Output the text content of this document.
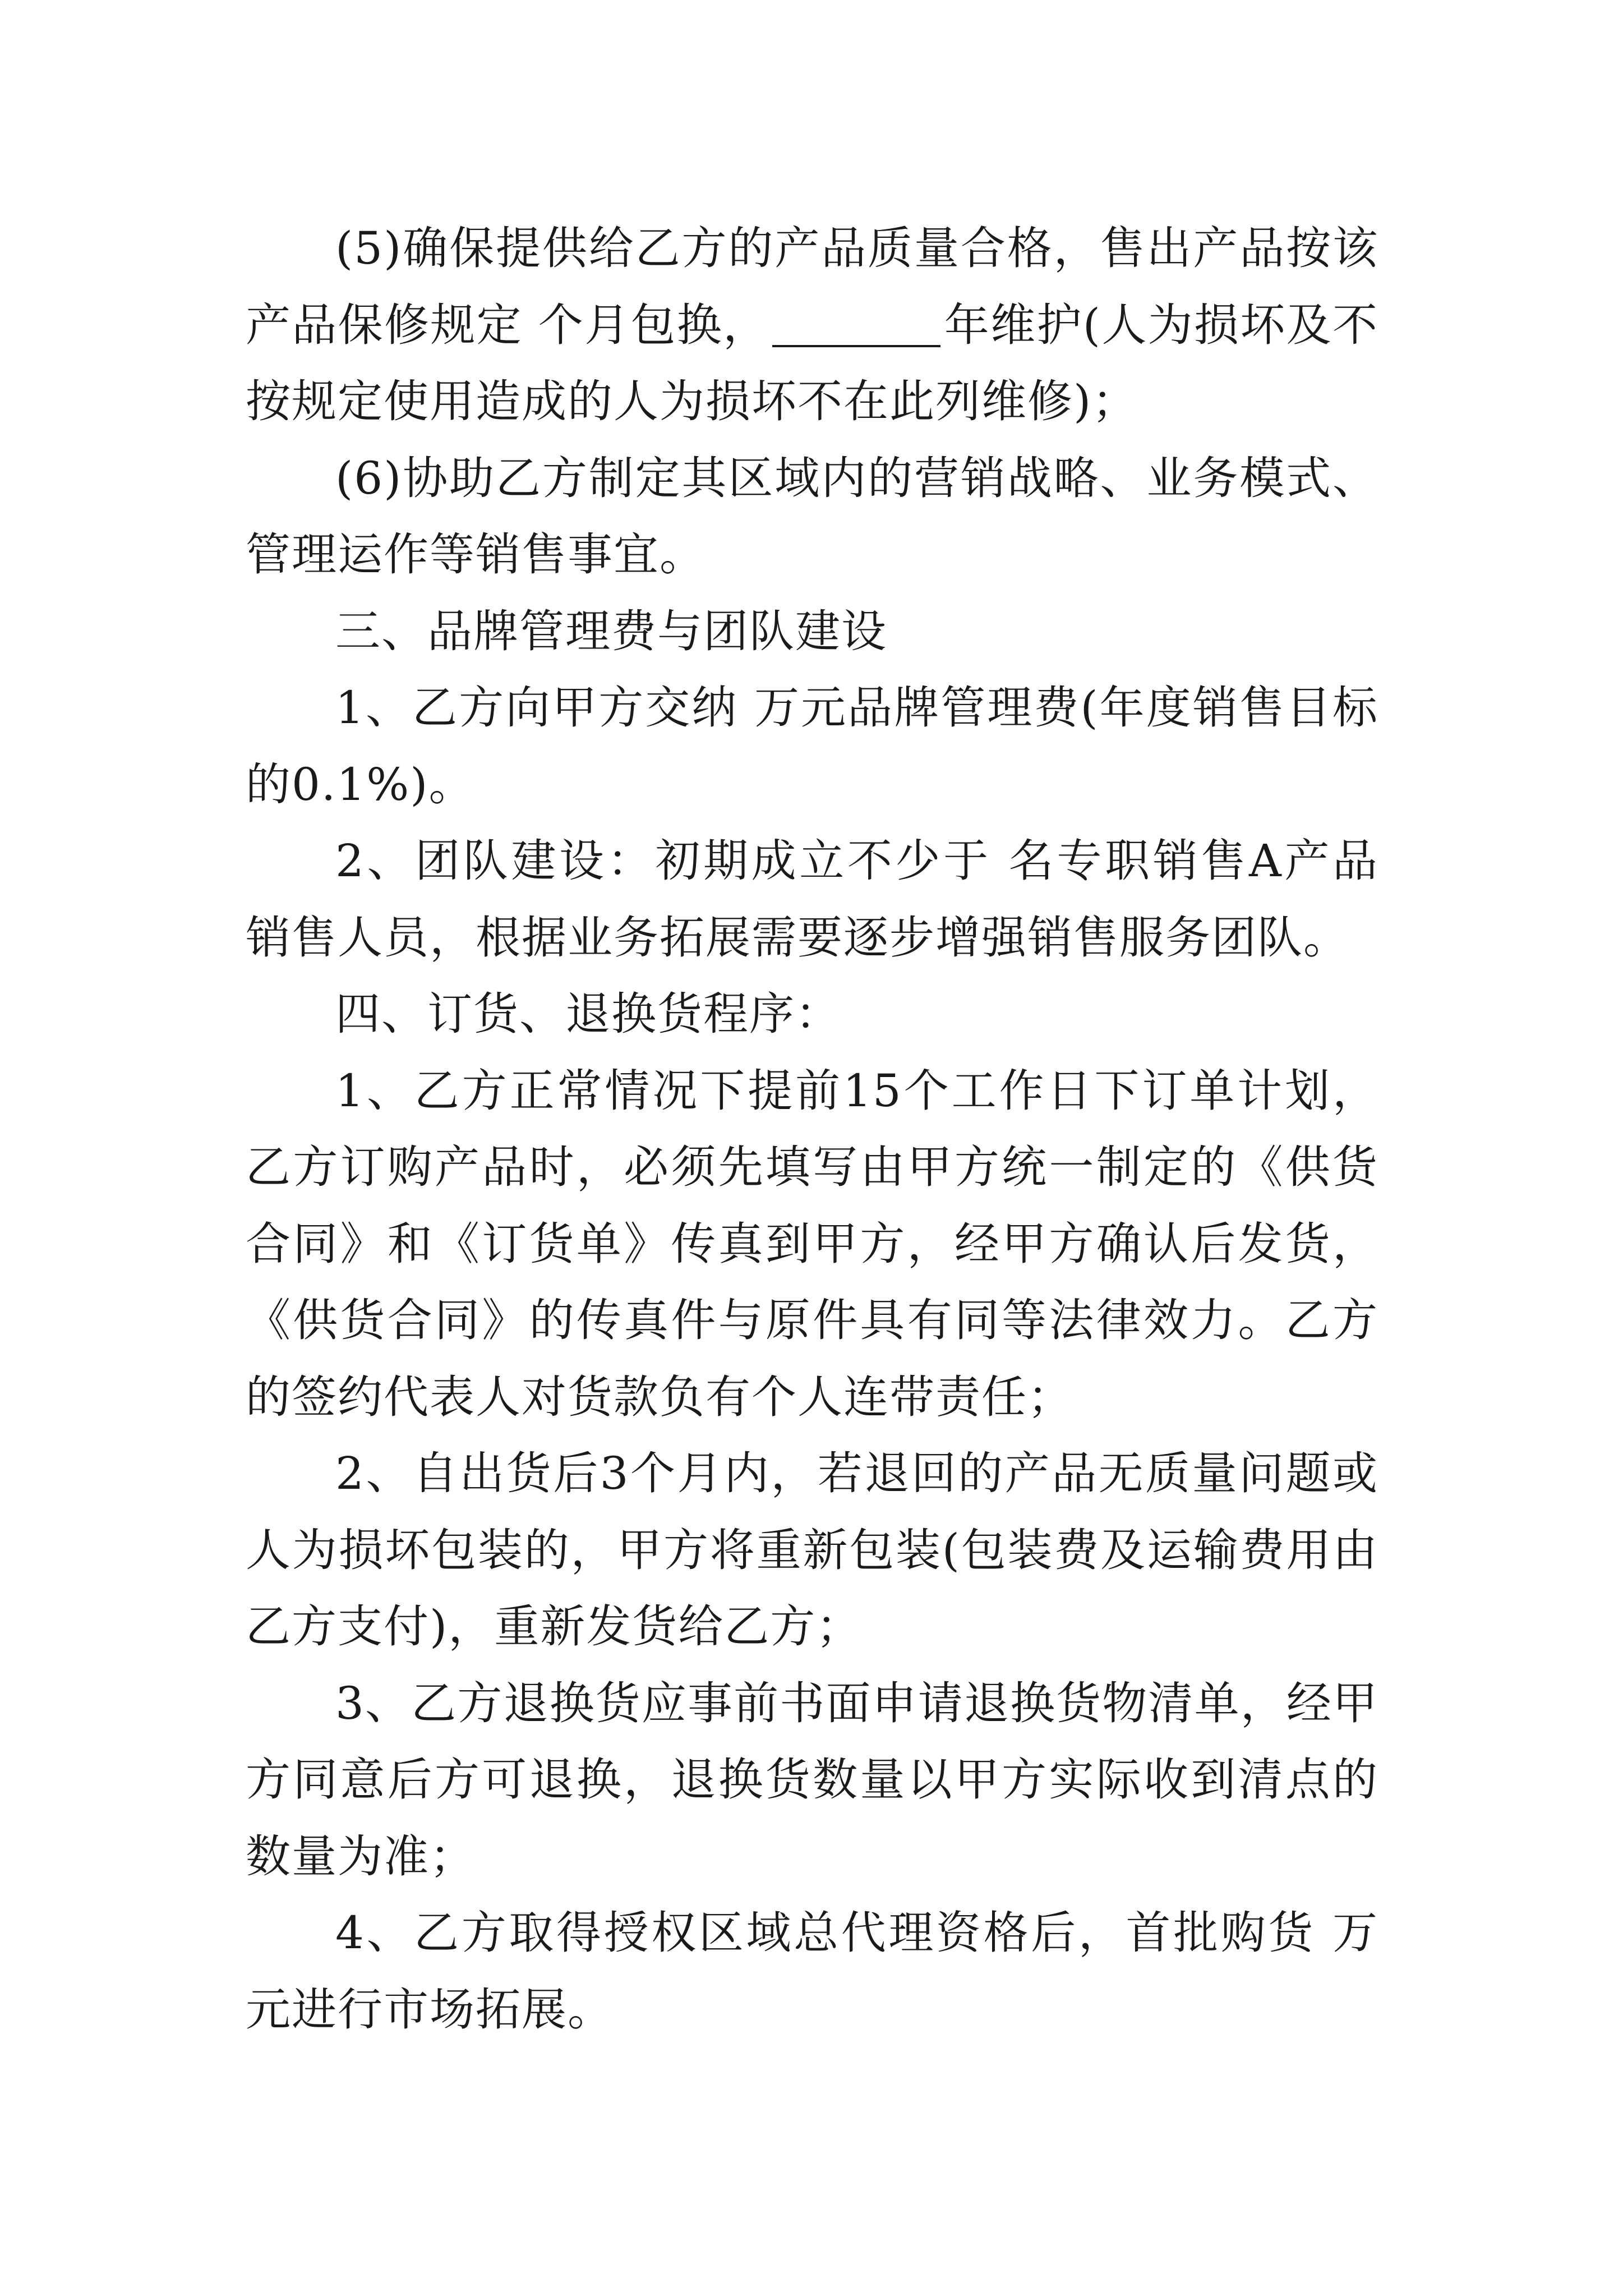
(5)确保提供给乙方的产品质量合格，售出产品按该产品保修规定 个月包换，	年维护(人为损坏及不按规定使用造成的人为损坏不在此列维修)；

(6)协助乙方制定其区域内的营销战略、业务模式、管理运作等销售事宜。

三、品牌管理费与团队建设

1、乙方向甲方交纳 万元品牌管理费(年度销售目标的0.1%)。

2、团队建设：初期成立不少于 名专职销售A产品销售人员，根据业务拓展需要逐步增强销售服务团队。

四、订货、退换货程序：

1、乙方正常情况下提前15个工作日下订单计划，乙方订购产品时，必须先填写由甲方统一制定的《供货合同》和《订货单》传真到甲方，经甲方确认后发货，《供货合同》的传真件与原件具有同等法律效力。乙方的签约代表人对货款负有个人连带责任；

2、自出货后3个月内，若退回的产品无质量问题或人为损坏包装的，甲方将重新包装(包装费及运输费用由乙方支付)，重新发货给乙方；

3、乙方退换货应事前书面申请退换货物清单，经甲方同意后方可退换，退换货数量以甲方实际收到清点的数量为准；

4、乙方取得授权区域总代理资格后，首批购货 万元进行市场拓展。
